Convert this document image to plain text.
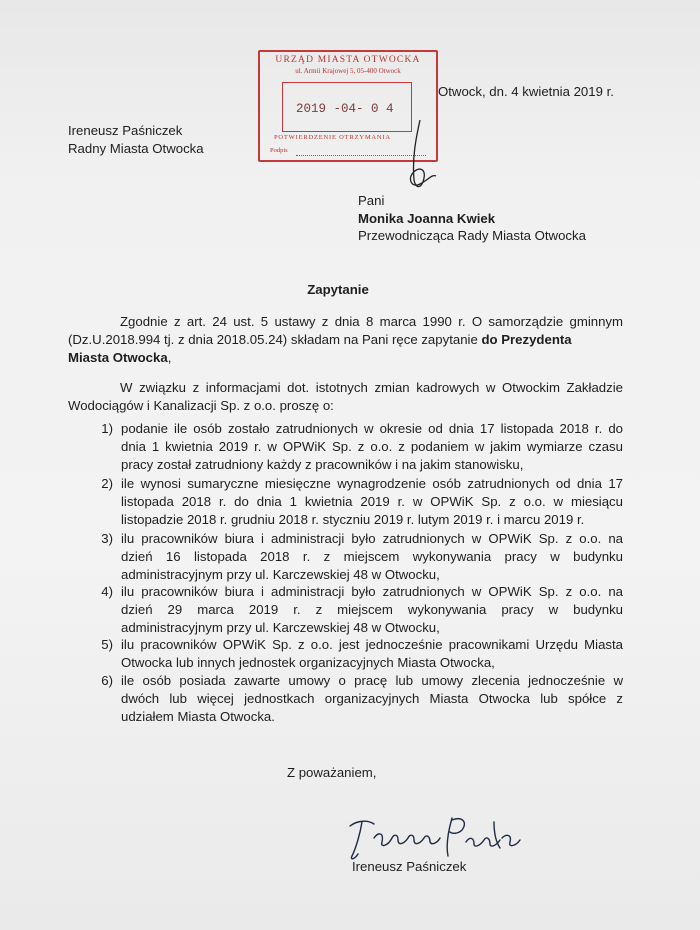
URZĄD MIASTA OTWOCKA
ul. Armii Krajowej 5, 05-400 Otwock
2019 -04- 0 4
POTWIERDZENIE OTRZYMANIA
Podpis
Otwock, dn. 4 kwietnia 2019 r.
Ireneusz Paśniczek
Radny Miasta Otwocka
Pani
Monika Joanna Kwiek
Przewodnicząca Rady Miasta Otwocka
Zapytanie
Zgodnie z art. 24 ust. 5 ustawy z dnia 8 marca 1990 r. O samorządzie gminnym
(Dz.U.2018.994 tj. z dnia 2018.05.24) składam na Pani ręce zapytanie do Prezydenta
Miasta Otwocka,
W związku z informacjami dot. istotnych zmian kadrowych w Otwockim Zakładzie
Wodociągów i Kanalizacji Sp. z o.o. proszę o:
1) podanie ile osób zostało zatrudnionych w okresie od dnia 17 listopada 2018 r. do
dnia 1 kwietnia 2019 r. w OPWiK Sp. z o.o. z podaniem w jakim wymiarze czasu
pracy został zatrudniony każdy z pracowników i na jakim stanowisku,
2) ile wynosi sumaryczne miesięczne wynagrodzenie osób zatrudnionych od dnia 17
listopada 2018 r. do dnia 1 kwietnia 2019 r. w OPWiK Sp. z o.o. w miesiącu
listopadzie 2018 r. grudniu 2018 r. styczniu 2019 r. lutym 2019 r. i marcu 2019 r.
3) ilu pracowników biura i administracji było zatrudnionych w OPWiK Sp. z o.o. na
dzień 16 listopada 2018 r. z miejscem wykonywania pracy w budynku
administracyjnym przy ul. Karczewskiej 48 w Otwocku,
4) ilu pracowników biura i administracji było zatrudnionych w OPWiK Sp. z o.o. na
dzień 29 marca 2019 r. z miejscem wykonywania pracy w budynku
administracyjnym przy ul. Karczewskiej 48 w Otwocku,
5) ilu pracowników OPWiK Sp. z o.o. jest jednocześnie pracownikami Urzędu Miasta
Otwocka lub innych jednostek organizacyjnych Miasta Otwocka,
6) ile osób posiada zawarte umowy o pracę lub umowy zlecenia jednocześnie w
dwóch lub więcej jednostkach organizacyjnych Miasta Otwocka lub spółce z
udziałem Miasta Otwocka.
Z poważaniem,
Ireneusz Paśniczek
